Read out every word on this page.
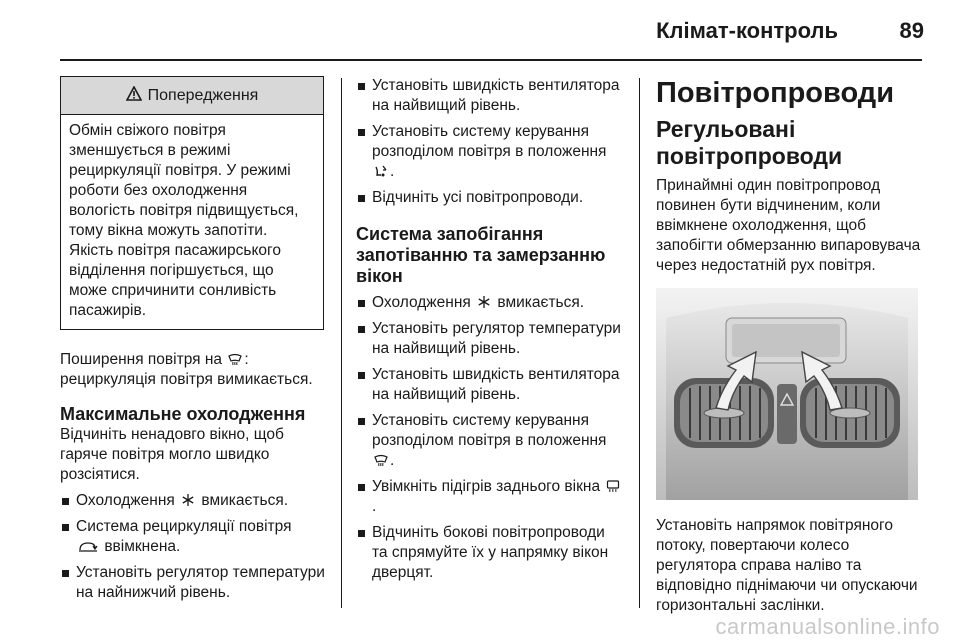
Клімат-контроль	89
Попередження
Обмін свіжого повітря зменшується в режимі рециркуляції повітря. У режимі роботи без охолодження вологість повітря підвищується, тому вікна можуть запотіти. Якість повітря пасажирського відділення погіршується, що може спричинити сонливість пасажирів.

Поширення повітря на : рециркуляція повітря вимикається.

Максимальне охолодження

Відчиніть ненадовго вікно, щоб гаряче повітря могло швидко розсіятися.

Охолодження вмикається.
Система рециркуляції повітря

ввімкнена.
Установіть регулятор температури на найнижчий рівень.
Установіть швидкість вентилятора на найвищий рівень.
Установіть систему керування розподілом повітря в положення

.
Відчиніть усі повітропроводи.
Система запобігання запотіванню та замерзанню вікон
Охолодження вмикається.
Установіть регулятор температури на найвищий рівень.
Установіть швидкість вентилятора на найвищий рівень.
Установіть систему керування розподілом повітря в положення

.
Увімкніть підігрів заднього вікна
.
Відчиніть бокові повітропроводи та спрямуйте їх у напрямку вікон дверцят.
Повітропроводи
Регульовані повітропроводи

Принаймні один повітропровод повинен бути відчиненим, коли ввімкнене охолодження, щоб запобігти обмерзанню випаровувача через недостатній рух повітря.

Установіть напрямок повітряного потоку, повертаючи колесо регулятора справа наліво та відповідно піднімаючи чи опускаючи горизонтальні заслінки.

carmanualsonline.info
